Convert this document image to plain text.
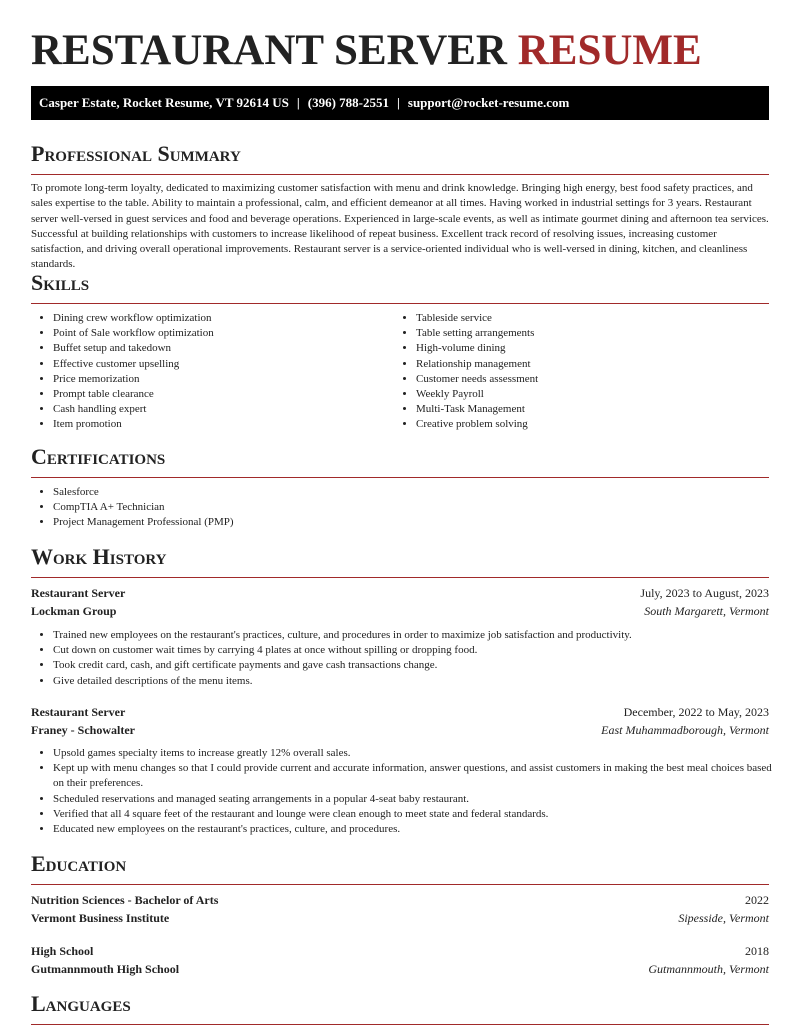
RESTAURANT SERVER RESUME
Casper Estate, Rocket Resume, VT 92614 US | (396) 788-2551 | support@rocket-resume.com
Professional Summary

To promote long-term loyalty, dedicated to maximizing customer satisfaction with menu and drink knowledge. Bringing high energy, best food safety practices, and sales expertise to the table. Ability to maintain a professional, calm, and efficient demeanor at all times. Having worked in industrial settings for 3 years. Restaurant server well-versed in guest services and food and beverage operations. Experienced in large-scale events, as well as intimate gourmet dining and afternoon tea services. Successful at building relationships with customers to increase likelihood of repeat business. Excellent track record of resolving issues, increasing customer satisfaction, and driving overall operational improvements. Restaurant server is a service-oriented individual who is well-versed in dining, kitchen, and cleanliness standards.

Skills
• Dining crew workflow optimization
• Point of Sale workflow optimization
• Buffet setup and takedown
• Effective customer upselling
• Price memorization
• Prompt table clearance
• Cash handling expert
• Item promotion
• Tableside service
• Table setting arrangements
• High-volume dining
• Relationship management
• Customer needs assessment
• Weekly Payroll
• Multi-Task Management
• Creative problem solving
Certifications
• Salesforce
• CompTIA A+ Technician
• Project Management Professional (PMP)
Work History
Restaurant Server	July, 2023 to August, 2023
Lockman Group	South Margarett, Vermont
• Trained new employees on the restaurant's practices, culture, and procedures in order to maximize job satisfaction and productivity.
• Cut down on customer wait times by carrying 4 plates at once without spilling or dropping food.
• Took credit card, cash, and gift certificate payments and gave cash transactions change.
• Give detailed descriptions of the menu items.
Restaurant Server	December, 2022 to May, 2023
Franey - Schowalter	East Muhammadborough, Vermont
• Upsold games specialty items to increase greatly 12% overall sales.
• Kept up with menu changes so that I could provide current and accurate information, answer questions, and assist customers in making the best meal choices based on their preferences.
• Scheduled reservations and managed seating arrangements in a popular 4-seat baby restaurant.
• Verified that all 4 square feet of the restaurant and lounge were clean enough to meet state and federal standards.
• Educated new employees on the restaurant's practices, culture, and procedures.
Education
Nutrition Sciences - Bachelor of Arts	2022
Vermont Business Institute	Sipesside, Vermont
High School	2018
Gutmannmouth High School	Gutmannmouth, Vermont
Languages
